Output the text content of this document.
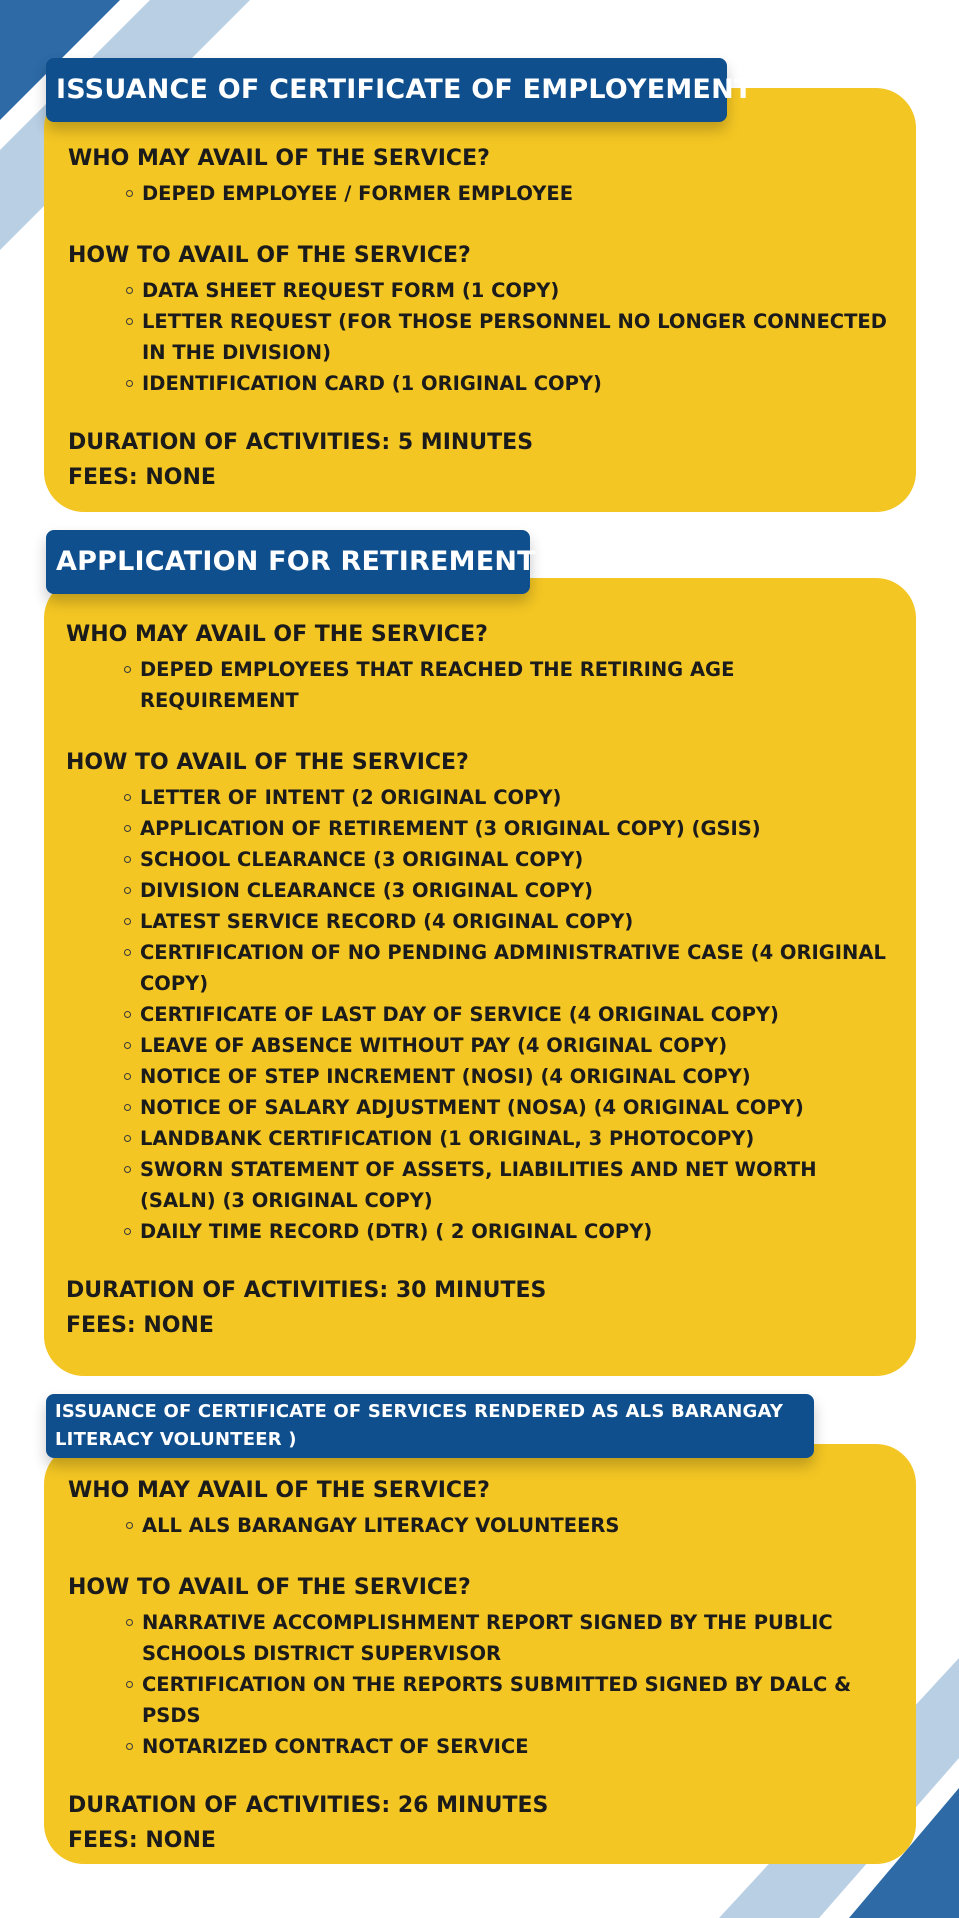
ISSUANCE OF CERTIFICATE OF EMPLOYEMENT
WHO MAY AVAIL OF THE SERVICE?
DEPED EMPLOYEE / FORMER EMPLOYEE
HOW TO AVAIL OF THE SERVICE?
DATA SHEET REQUEST FORM (1 COPY)
LETTER REQUEST (FOR THOSE PERSONNEL NO LONGER CONNECTED IN THE DIVISION)
IDENTIFICATION CARD (1 ORIGINAL COPY)
DURATION OF ACTIVITIES: 5 MINUTES
FEES: NONE
APPLICATION FOR RETIREMENT
WHO MAY AVAIL OF THE SERVICE?
DEPED EMPLOYEES THAT REACHED THE RETIRING AGE REQUIREMENT
HOW TO AVAIL OF THE SERVICE?
LETTER OF INTENT (2 ORIGINAL COPY)
APPLICATION OF RETIREMENT (3 ORIGINAL COPY) (GSIS)
SCHOOL CLEARANCE (3 ORIGINAL COPY)
DIVISION CLEARANCE (3 ORIGINAL COPY)
LATEST SERVICE RECORD (4 ORIGINAL COPY)
CERTIFICATION OF NO PENDING ADMINISTRATIVE CASE (4 ORIGINAL COPY)
CERTIFICATE OF LAST DAY OF SERVICE (4 ORIGINAL COPY)
LEAVE OF ABSENCE WITHOUT PAY (4 ORIGINAL COPY)
NOTICE OF STEP INCREMENT (NOSI) (4 ORIGINAL COPY)
NOTICE OF SALARY ADJUSTMENT (NOSA) (4 ORIGINAL COPY)
LANDBANK CERTIFICATION (1 ORIGINAL, 3 PHOTOCOPY)
SWORN STATEMENT OF ASSETS, LIABILITIES AND NET WORTH (SALN) (3 ORIGINAL COPY)
DAILY TIME RECORD (DTR) ( 2 ORIGINAL COPY)
DURATION OF ACTIVITIES: 30 MINUTES
FEES: NONE
ISSUANCE OF CERTIFICATE OF SERVICES RENDERED AS ALS BARANGAY LITERACY VOLUNTEER )
WHO MAY AVAIL OF THE SERVICE?
ALL ALS BARANGAY LITERACY VOLUNTEERS
HOW TO AVAIL OF THE SERVICE?
NARRATIVE ACCOMPLISHMENT REPORT SIGNED BY THE PUBLIC SCHOOLS DISTRICT SUPERVISOR
CERTIFICATION ON THE REPORTS SUBMITTED SIGNED BY DALC & PSDS
NOTARIZED CONTRACT OF SERVICE
DURATION OF ACTIVITIES: 26 MINUTES
FEES: NONE
